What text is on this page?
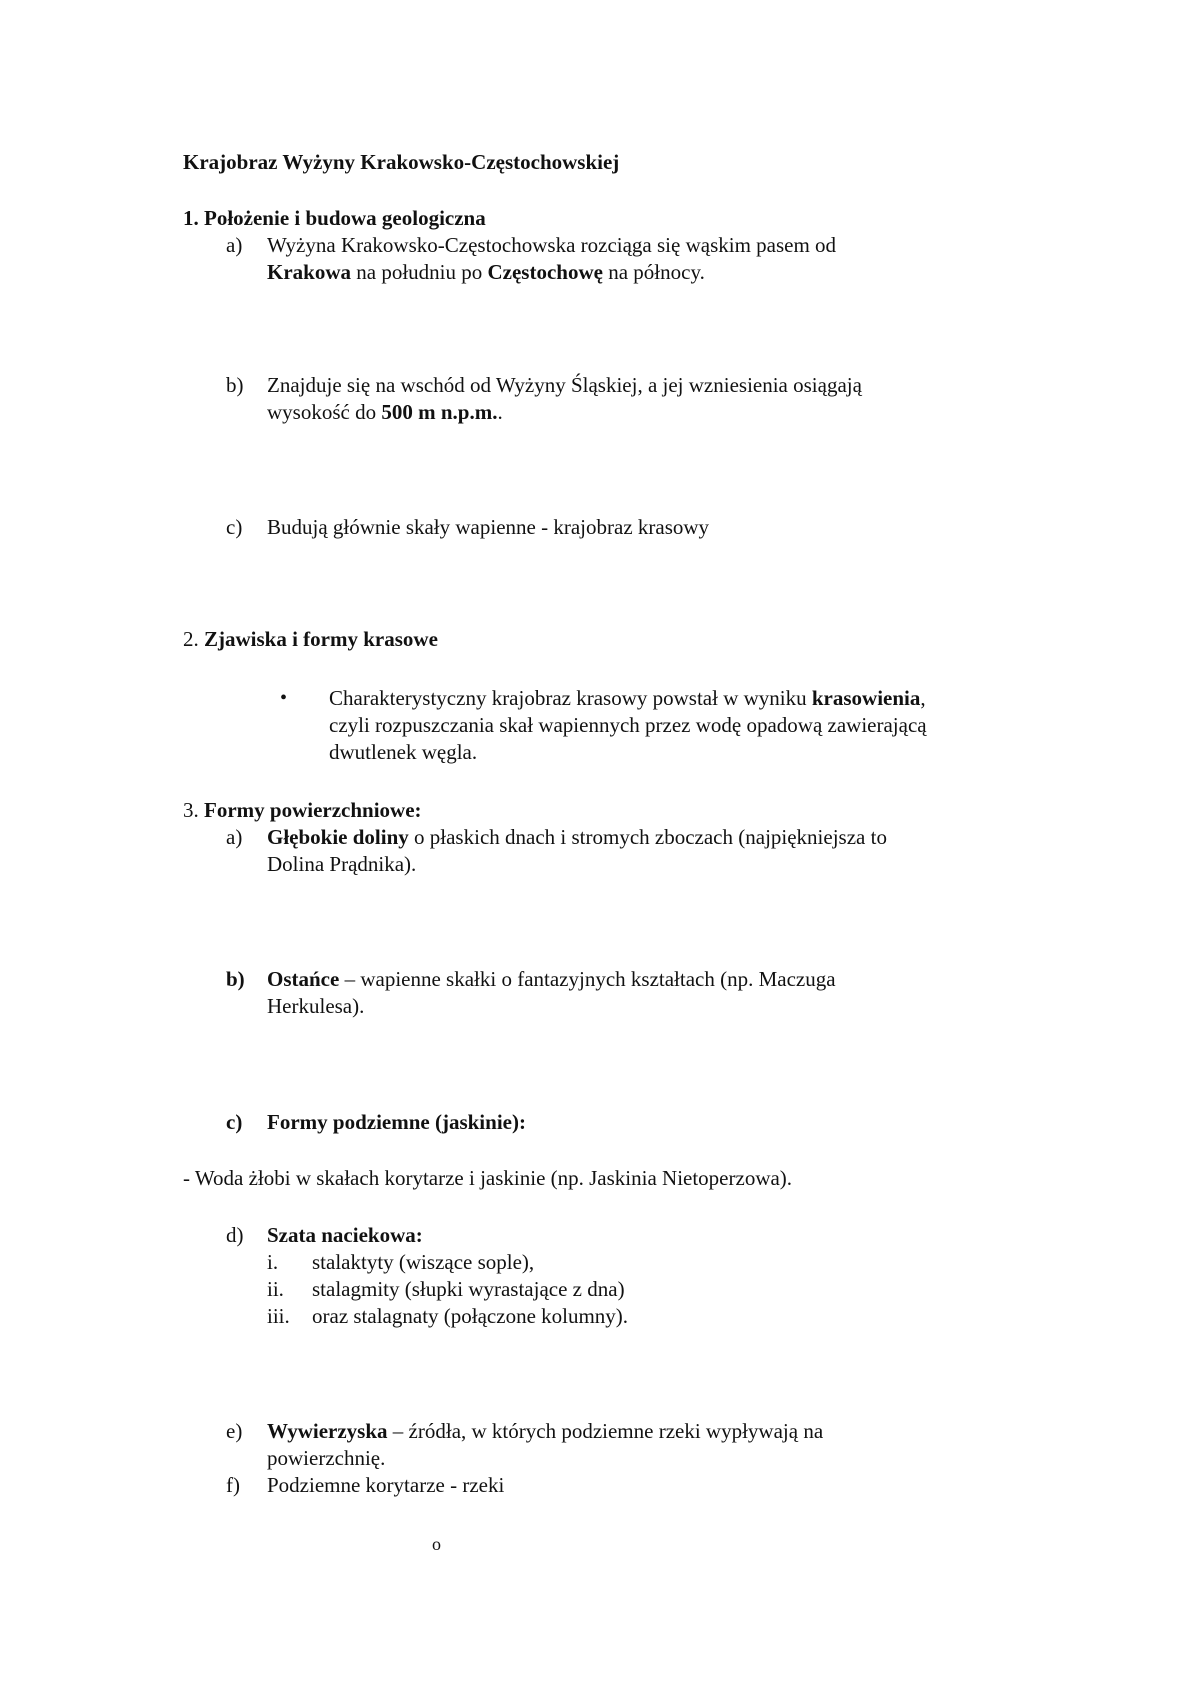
Krajobraz Wyżyny Krakowsko-Częstochowskiej
1. Położenie i budowa geologiczna
a) Wyżyna Krakowsko-Częstochowska rozciąga się wąskim pasem od
Krakowa na południu po Częstochowę na północy.
b) Znajduje się na wschód od Wyżyny Śląskiej, a jej wzniesienia osiągają
wysokość do 500 m n.p.m..
c) Budują głównie skały wapienne - krajobraz krasowy
2. Zjawiska i formy krasowe
• Charakterystyczny krajobraz krasowy powstał w wyniku krasowienia,
czyli rozpuszczania skał wapiennych przez wodę opadową zawierającą
dwutlenek węgla.
3. Formy powierzchniowe:
a) Głębokie doliny o płaskich dnach i stromych zboczach (najpiękniejsza to
Dolina Prądnika).
b) Ostańce – wapienne skałki o fantazyjnych kształtach (np. Maczuga
Herkulesa).
c) Formy podziemne (jaskinie):
- Woda żłobi w skałach korytarze i jaskinie (np. Jaskinia Nietoperzowa).
d) Szata naciekowa:
i. stalaktyty (wiszące sople),
ii. stalagmity (słupki wyrastające z dna)
iii. oraz stalagnaty (połączone kolumny).
e) Wywierzyska – źródła, w których podziemne rzeki wypływają na
powierzchnię.
f) Podziemne korytarze - rzeki
o
